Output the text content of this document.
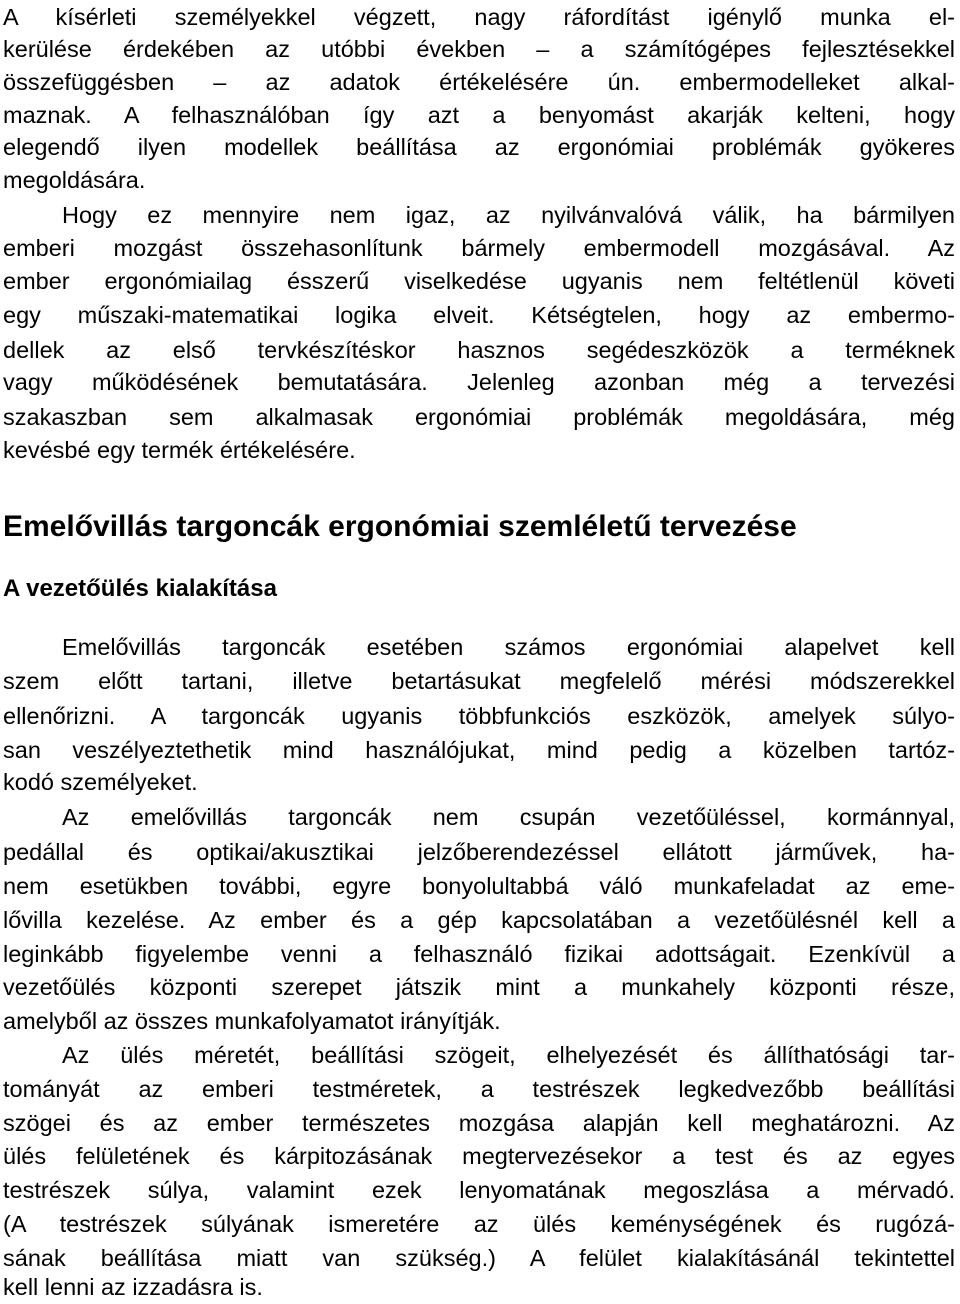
A kísérleti személyekkel végzett, nagy ráfordítást igénylő munka el-
kerülése érdekében az utóbbi években – a számítógépes fejlesztésekkel
összefüggésben – az adatok értékelésére ún. embermodelleket alkal-
maznak. A felhasználóban így azt a benyomást akarják kelteni, hogy
elegendő ilyen modellek beállítása az ergonómiai problémák gyökeres
megoldására.
Hogy ez mennyire nem igaz, az nyilvánvalóvá válik, ha bármilyen
emberi mozgást összehasonlítunk bármely embermodell mozgásával. Az
ember ergonómiailag ésszerű viselkedése ugyanis nem feltétlenül követi
egy műszaki-matematikai logika elveit. Kétségtelen, hogy az embermo-
dellek az első tervkészítéskor hasznos segédeszközök a terméknek
vagy működésének bemutatására. Jelenleg azonban még a tervezési
szakaszban sem alkalmasak ergonómiai problémák megoldására, még
kevésbé egy termék értékelésére.
Emelővillás targoncák ergonómiai szemléletű tervezése
A vezetőülés kialakítása
Emelővillás targoncák esetében számos ergonómiai alapelvet kell
szem előtt tartani, illetve betartásukat megfelelő mérési módszerekkel
ellenőrizni. A targoncák ugyanis többfunkciós eszközök, amelyek súlyo-
san veszélyeztethetik mind használójukat, mind pedig a közelben tartóz-
kodó személyeket.
Az emelővillás targoncák nem csupán vezetőüléssel, kormánnyal,
pedállal és optikai/akusztikai jelzőberendezéssel ellátott járművek, ha-
nem esetükben további, egyre bonyolultabbá váló munkafeladat az eme-
lővilla kezelése. Az ember és a gép kapcsolatában a vezetőülésnél kell a
leginkább figyelembe venni a felhasználó fizikai adottságait. Ezenkívül a
vezetőülés központi szerepet játszik mint a munkahely központi része,
amelyből az összes munkafolyamatot irányítják.
Az ülés méretét, beállítási szögeit, elhelyezését és állíthatósági tar-
tományát az emberi testméretek, a testrészek legkedvezőbb beállítási
szögei és az ember természetes mozgása alapján kell meghatározni. Az
ülés felületének és kárpitozásának megtervezésekor a test és az egyes
testrészek súlya, valamint ezek lenyomatának megoszlása a mérvadó.
(A testrészek súlyának ismeretére az ülés keménységének és rugózá-
sának beállítása miatt van szükség.) A felület kialakításánál tekintettel
kell lenni az izzadásra is.
